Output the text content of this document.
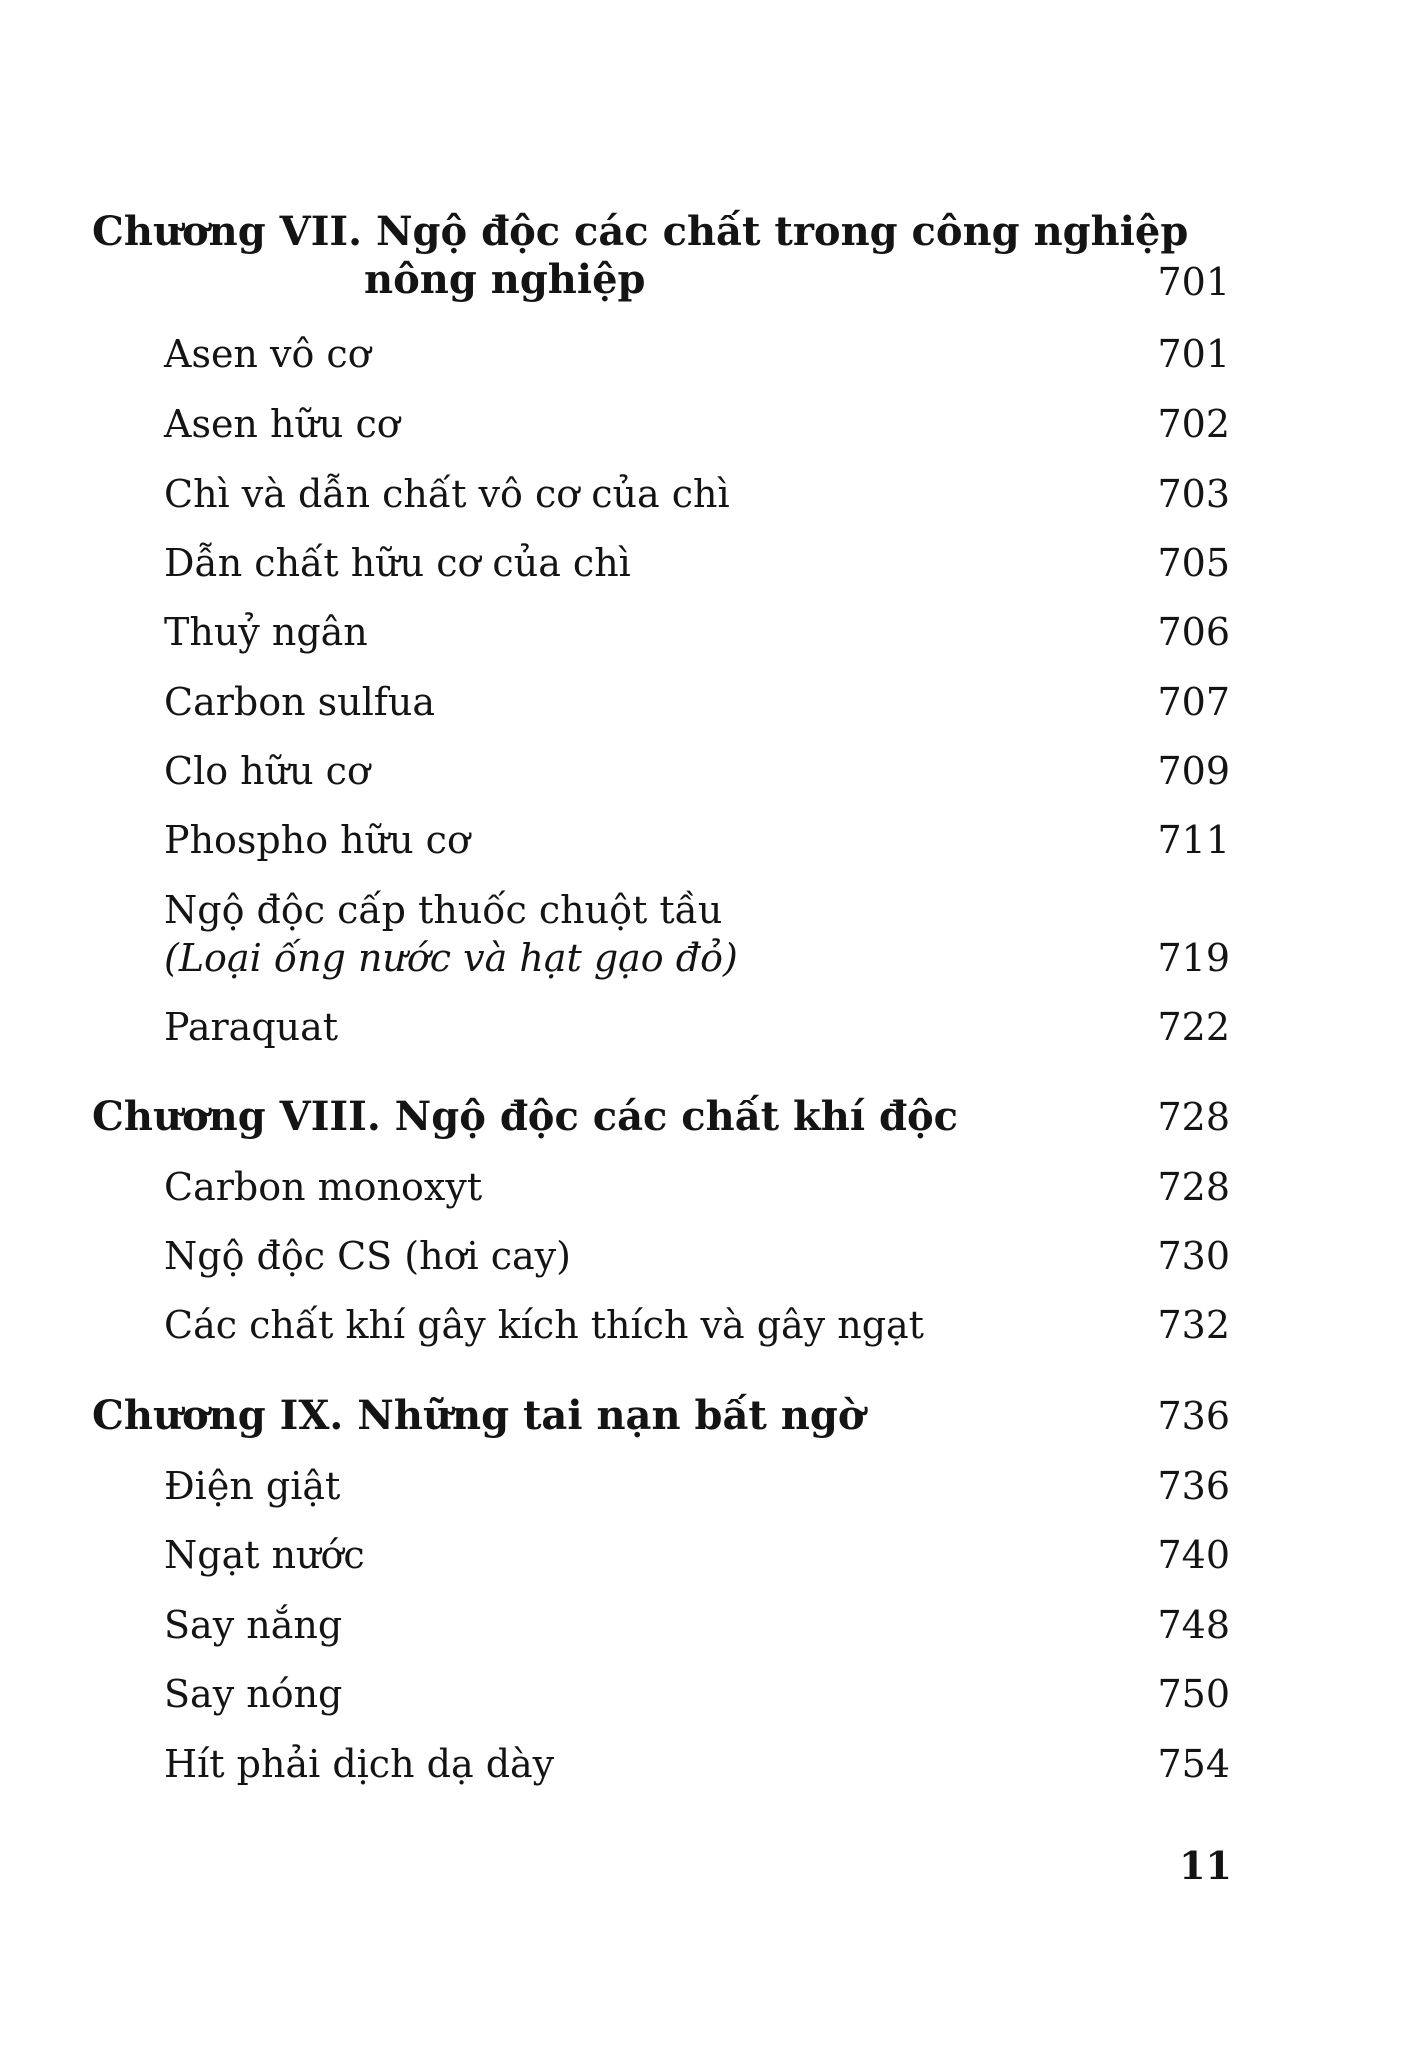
Chương VII. Ngộ độc các chất trong công nghiệp
nông nghiệp	701
Asen vô cơ	701
Asen hữu cơ	702
Chì và dẫn chất vô cơ của chì	703
Dẫn chất hữu cơ của chì	705
Thuỷ ngân	706
Carbon sulfua	707
Clo hữu cơ	709
Phospho hữu cơ	711
Ngộ độc cấp thuốc chuột tầu
(Loại ống nước và hạt gạo đỏ)	719
Paraquat	722
Chương VIII. Ngộ độc các chất khí độc	728
Carbon monoxyt	728
Ngộ độc CS (hơi cay)	730
Các chất khí gây kích thích và gây ngạt	732
Chương IX. Những tai nạn bất ngờ	736
Điện giật	736
Ngạt nước	740
Say nắng	748
Say nóng	750
Hít phải dịch dạ dày	754
11
